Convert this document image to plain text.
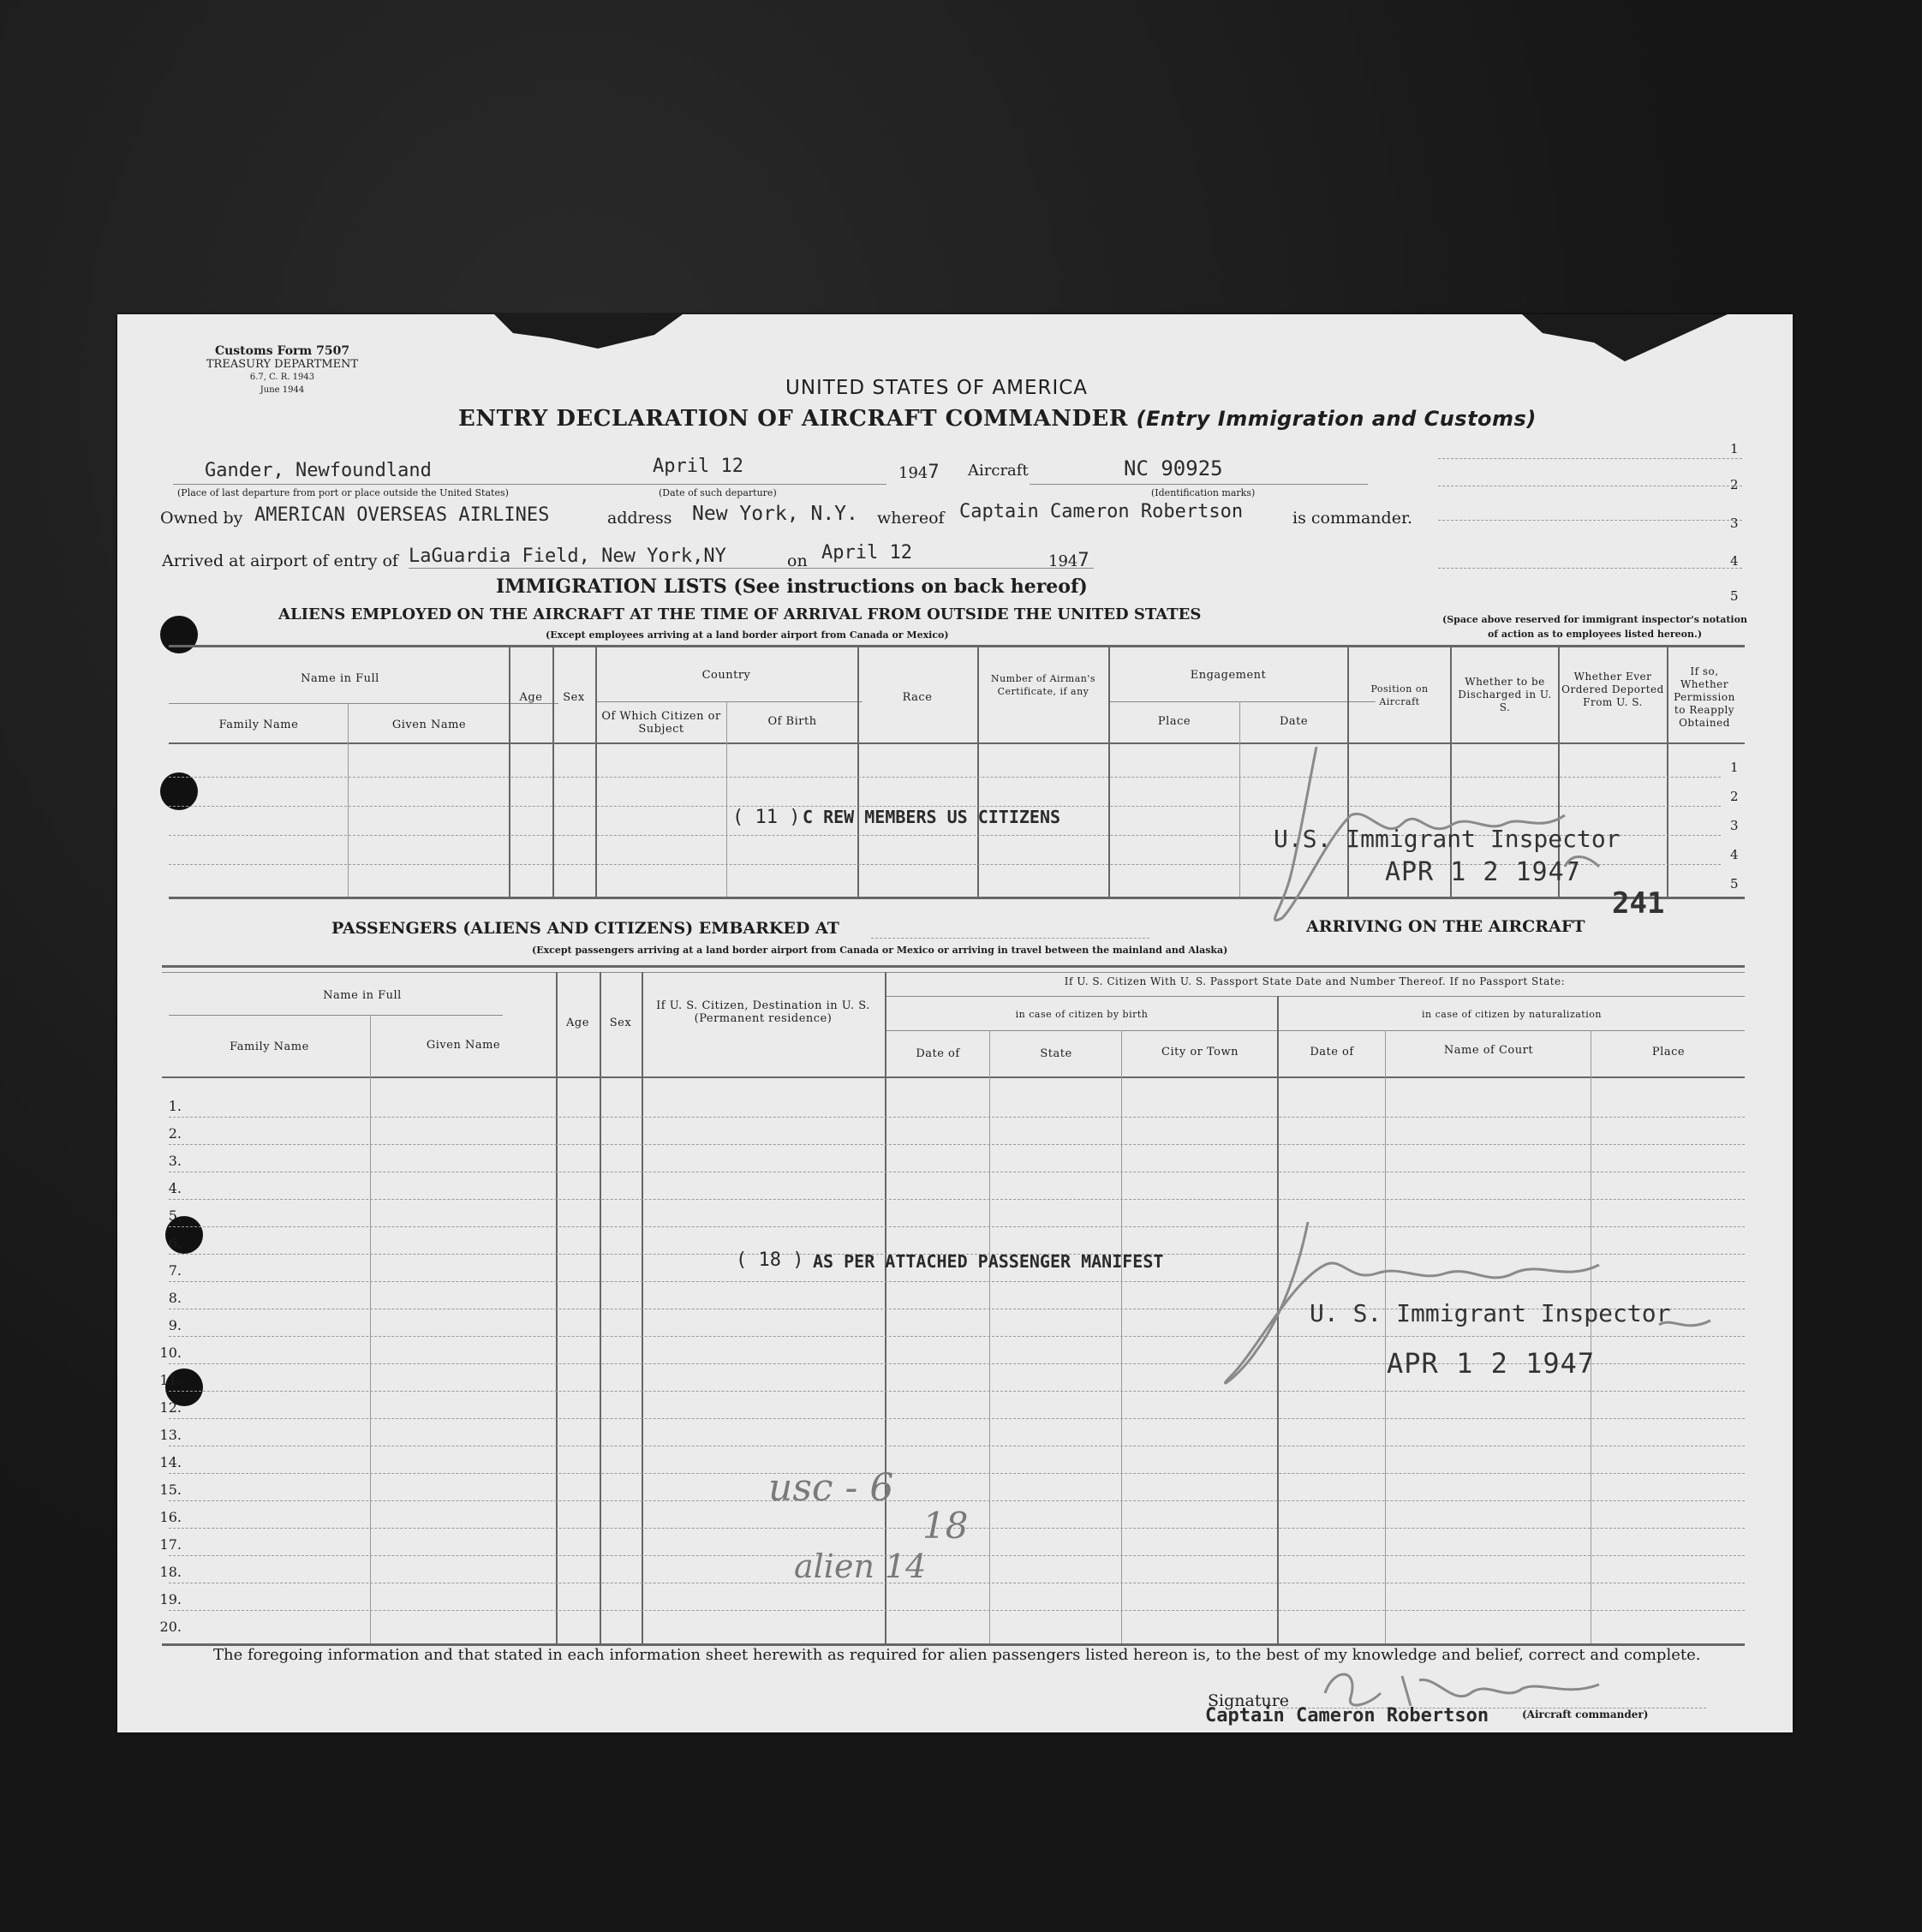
Customs Form 7507
TREASURY DEPARTMENT
6.7, C. R. 1943
June 1944	UNITED STATES OF AMERICA
ENTRY DECLARATION OF AIRCRAFT COMMANDER (Entry Immigration and Customs)
Gander, Newfoundland
(Place of last departure from port or place outside the United States)
April 12
(Date of such departure)
1947 Aircraft	NC 90925
(Identification marks)
Owned by AMERICAN OVERSEAS AIRLINES	address New York, N.Y. whereof Captain Cameron Robertson	is commander.
Arrived at airport of entry of LaGuardia Field, New York,NY	on April 12	1947
1
2
3
4
5
(Space above reserved for immigrant inspector's notation of action as to employees listed hereon.)
IMMIGRATION LISTS (See instructions on back hereof)
ALIENS EMPLOYED ON THE AIRCRAFT AT THE TIME OF ARRIVAL FROM OUTSIDE THE UNITED STATES
(Except employees arriving at a land border airport from Canada or Mexico)
Name in Full
Family Name	Given Name
Age	Sex
Country
Of Which Citizen or Subject
Of Birth
Race
Number of Airman's Certificate, if any
Engagement
Place	Date
Position on Aircraft
Whether to be Discharged in U. S.
Whether Ever Ordered Deported From U. S.
If so, Whether Permission to Reapply Obtained
1
2
3
4
5
( 11 ) C REW MEMBERS US CITIZENS
U.S. Immigrant Inspector
APR 1 2 1947
241
PASSENGERS (ALIENS AND CITIZENS) EMBARKED AT	ARRIVING ON THE AIRCRAFT
(Except passengers arriving at a land border airport from Canada or Mexico or arriving in travel between the mainland and Alaska)
Name in Full
Family Name	Given Name
Age	Sex
If U. S. Citizen, Destination in U. S. (Permanent residence)
If U. S. Citizen With U. S. Passport State Date and Number Thereof. If no Passport State:
in case of citizen by birth	in case of citizen by naturalization
Date of	State	City or Town	Date of	Name of Court	Place
1.
2.
3.
4.
5.
6.
7.
8.
9.
10.
11.
12.
13.
14.
15.
16.
17.
18.
19.
20.
( 18 ) AS PER ATTACHED PASSENGER MANIFEST
U. S. Immigrant Inspector
APR 1 2 1947
usc - 6
18
alien 14
The foregoing information and that stated in each information sheet herewith as required for alien passengers listed hereon is, to the best of my knowledge and belief, correct and complete.
Signature
(Aircraft commander)
Captain Cameron Robertson
